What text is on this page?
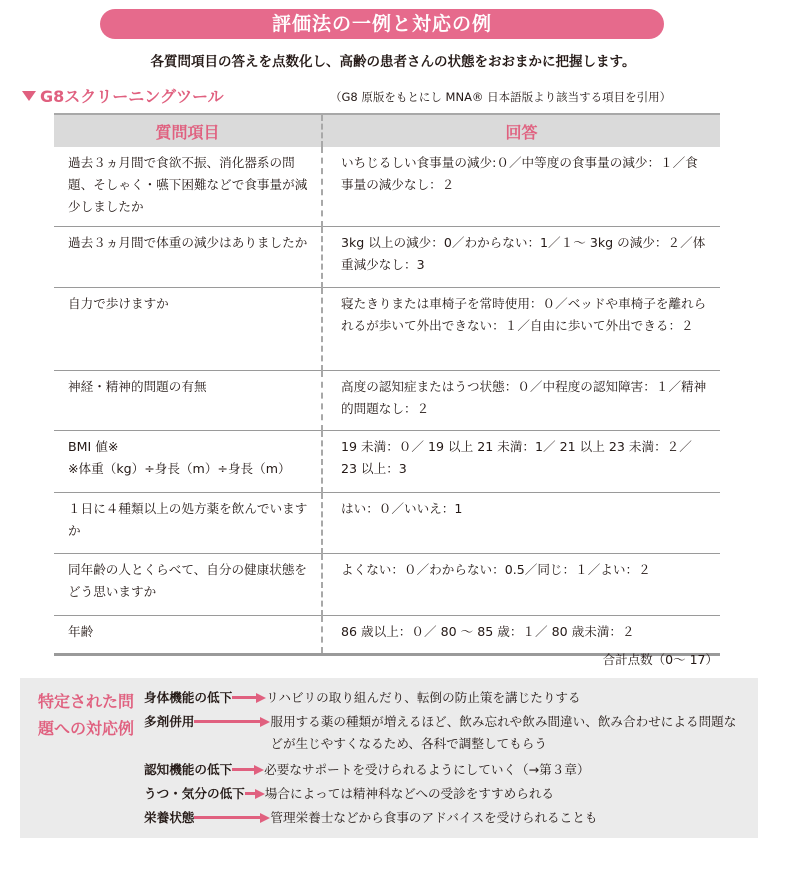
評価法の一例と対応の例
各質問項目の答えを点数化し、高齢の患者さんの状態をおおまかに把握します。
G8スクリーニングツール	（G8 原版をもとにし MNA® 日本語版より該当する項目を引用）
質問項目	回答
過去３ヵ月間で食欲不振、消化器系の問題、そしゃく・嚥下困難などで食事量が減少しましたか	いちじるしい食事量の減少:０／中等度の食事量の減少：１／食事量の減少なし：２
過去３ヵ月間で体重の減少はありましたか	3kg 以上の減少：0／わからない：1／１～ 3kg の減少：２／体重減少なし：3
自力で歩けますか	寝たきりまたは車椅子を常時使用：０／ベッドや車椅子を離れられるが歩いて外出できない：１／自由に歩いて外出できる：２
神経・精神的問題の有無	高度の認知症またはうつ状態：０／中程度の認知障害：１／精神的問題なし：２
BMI 値※
※体重（kg）÷身長（m）÷身長（m）	19 未満：０／ 19 以上 21 未満：1／ 21 以上 23 未満：２／ 23 以上：3
１日に４種類以上の処方薬を飲んでいますか	はい：０／いいえ：1
同年齢の人とくらべて、自分の健康状態をどう思いますか	よくない：０／わからない：0.5／同じ：１／よい：２
年齢	86 歳以上：０／ 80 ～ 85 歳：１／ 80 歳未満：２
合計点数（0～ 17）
特定された問題への対応例
身体機能の低下	リハビリの取り組んだり、転倒の防止策を講じたりする
多剤併用	服用する薬の種類が増えるほど、飲み忘れや飲み間違い、飲み合わせによる問題などが生じやすくなるため、各科で調整してもらう
認知機能の低下	必要なサポートを受けられるようにしていく（→第３章）
うつ・気分の低下 場合によっては精神科などへの受診をすすめられる
栄養状態	管理栄養士などから食事のアドバイスを受けられることも
